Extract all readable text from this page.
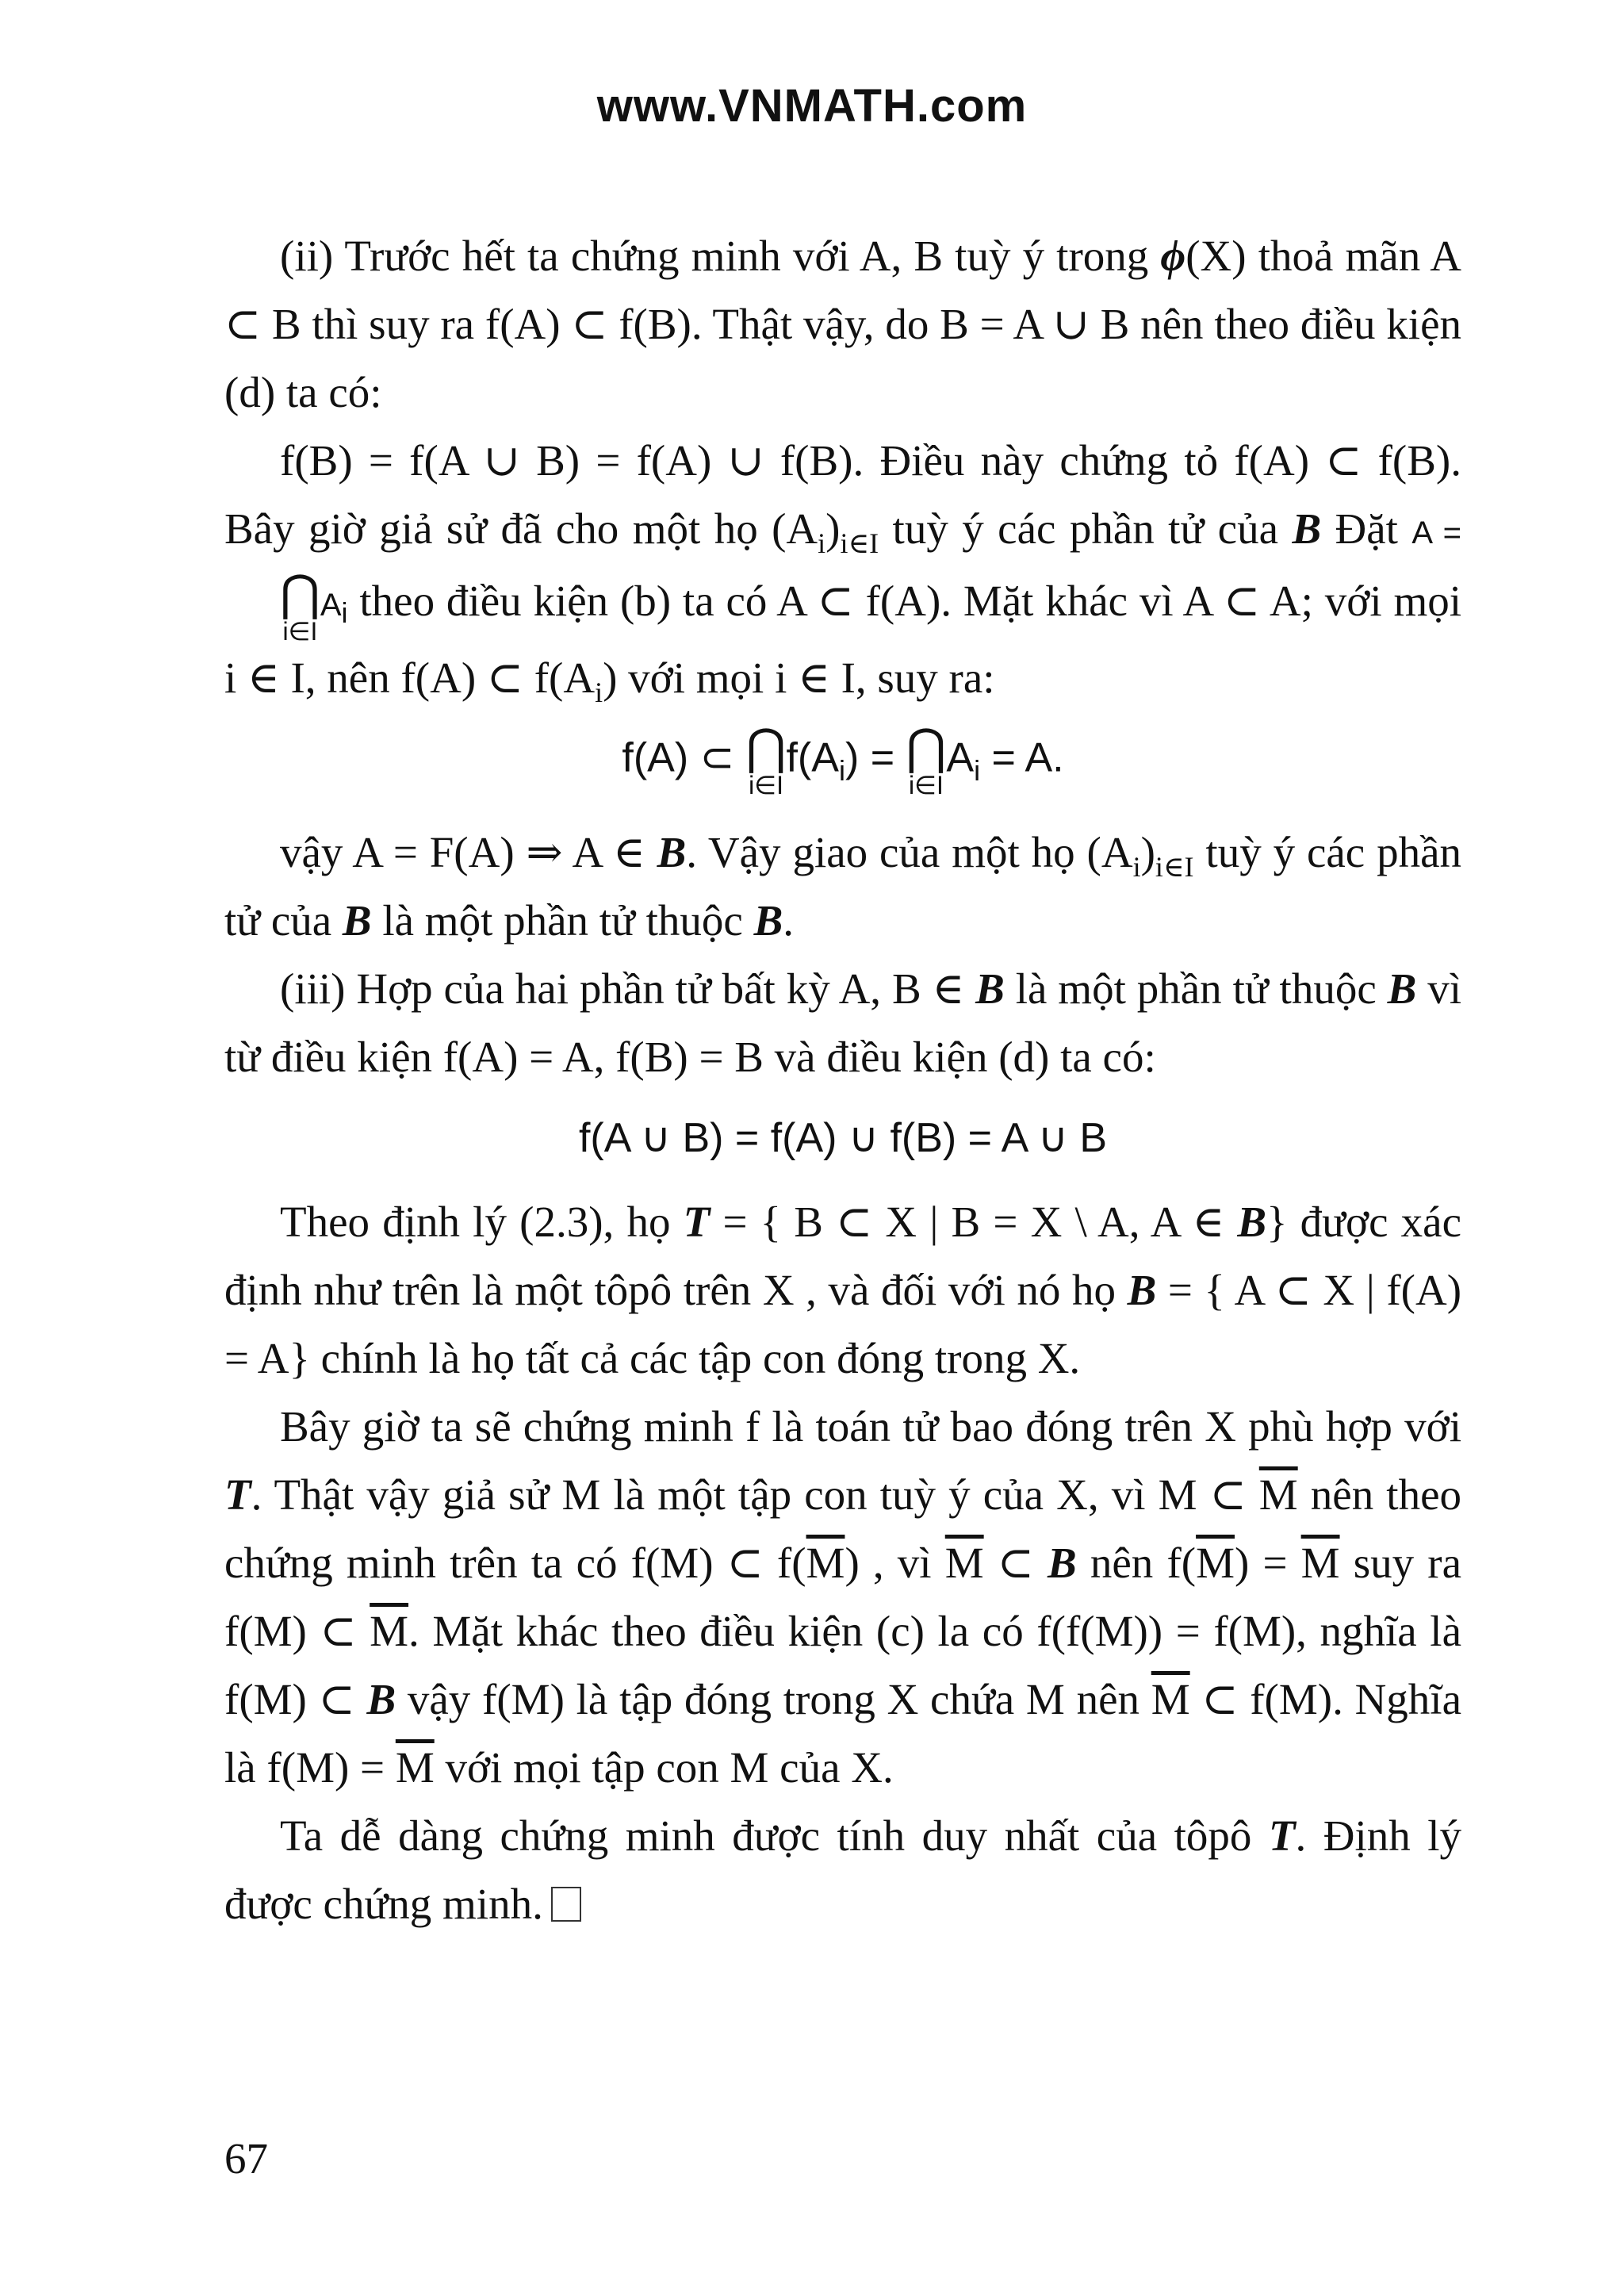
www.VNMATH.com

(ii) Trước hết ta chứng minh với A, B tuỳ ý trong ϕ(X) thoả mãn A ⊂ B thì suy ra f(A) ⊂ f(B). Thật vậy, do B = A ∪ B nên theo điều kiện (d) ta có:

f(B) = f(A ∪ B) = f(A) ∪ f(B). Điều này chứng tỏ f(A) ⊂ f(B). Bây giờ giả sử đã cho một họ $(A_i)_{i\in I}$ tuỳ ý các phần tử của B Đặt A =
⋂
i∈I
$A_i$ theo điều kiện (b) ta có A ⊂ f(A). Mặt khác vì A ⊂ A; với mọi i ∈ I, nên f(A) ⊂ $f(A_i)$ với mọi i ∈ I, suy ra:

f(A) ⊂ ⋂
i∈I
$f(A_i)$ = ⋂
i∈I
$A_i = A$.

vậy A = F(A) ⇒ A ∈ B. Vậy giao của một họ $(A_i)_{i\in I}$ tuỳ ý các phần tử của B là một phần tử thuộc B.

(iii) Hợp của hai phần tử bất kỳ A, B ∈ B là một phần tử thuộc B vì từ điều kiện f(A) = A, f(B) = B và điều kiện (d) ta có:

f(A ∪ B) = f(A) ∪ f(B) = A ∪ B

Theo định lý (2.3), họ T = { B ⊂ X | B = X \ A, A ∈ B} được xác định như trên là một tôpô trên X , và đối với nó họ B = { A ⊂ X | f(A) = A} chính là họ tất cả các tập con đóng trong X.

Bây giờ ta sẽ chứng minh f là toán tử bao đóng trên X phù hợp với T. Thật vậy giả sử M là một tập con tuỳ ý của X, vì M ⊂ $\overline{M}$ nên theo chứng minh trên ta có f(M) ⊂ $f(\overline{M})$ , vì $\overline{M}$ ⊂ B nên $f(\overline{M}) = \overline{M}$ suy ra f(M) ⊂ $\overline{M}$. Mặt khác theo điều kiện (c) la có f(f(M)) = f(M), nghĩa là f(M) ⊂ B vậy f(M) là tập đóng trong X chứa M nên $\overline{M}$ ⊂ f(M). Nghĩa là $f(M) = \overline{M}$ với mọi tập con M của X.

Ta dễ dàng chứng minh được tính duy nhất của tôpô T. Định lý được chứng minh.

67
